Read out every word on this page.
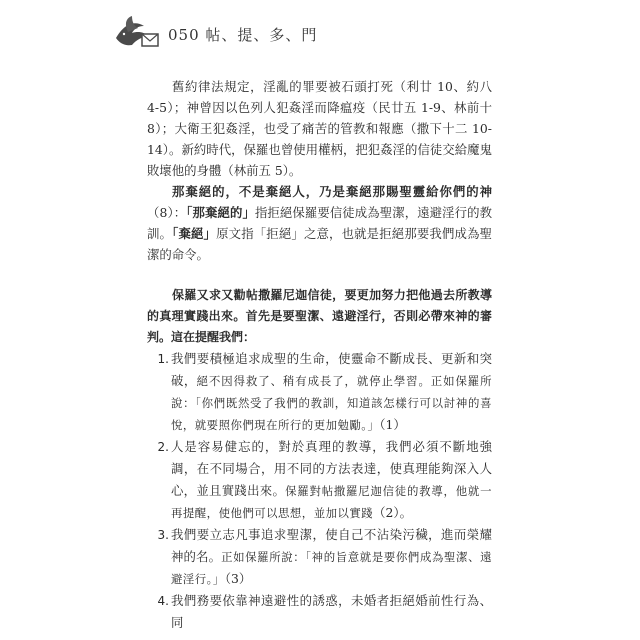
050 帖、提、多、門

舊約律法規定，淫亂的罪要被石頭打死（利廿 10、約八 4-5）；神曾因以色列人犯姦淫而降瘟疫（民廿五 1-9、林前十 8）；大衛王犯姦淫，也受了痛苦的管教和報應（撒下十二 10-14）。新約時代，保羅也曾使用權柄，把犯姦淫的信徒交給魔鬼敗壞他的身體（林前五 5）。

那棄絕的，不是棄絕人，乃是棄絕那賜聖靈給你們的神（8）：「那棄絕的」指拒絕保羅要信徒成為聖潔，遠避淫行的教訓。「棄絕」原文指「拒絕」之意，也就是拒絕那要我們成為聖潔的命令。

保羅又求又勸帖撒羅尼迦信徒，要更加努力把他過去所教導的真理實踐出來。首先是要聖潔、遠避淫行，否則必帶來神的審判。這在提醒我們：

1. 我們要積極追求成聖的生命，使靈命不斷成長、更新和突破，絕不因得救了、稍有成長了，就停止學習。正如保羅所說：「你們既然受了我們的教訓，知道該怎樣行可以討神的喜悅，就要照你們現在所行的更加勉勵。」（1）
2. 人是容易健忘的，對於真理的教導，我們必須不斷地強調，在不同場合，用不同的方法表達，使真理能夠深入人心，並且實踐出來。保羅對帖撒羅尼迦信徒的教導，他就一再提醒，使他們可以思想，並加以實踐（2）。
3. 我們要立志凡事追求聖潔，使自己不沾染污穢，進而榮耀神的名。正如保羅所說：「神的旨意就是要你們成為聖潔、遠避淫行。」（3）
4. 我們務要依靠神遠避性的誘惑，未婚者拒絕婚前性行為、同
